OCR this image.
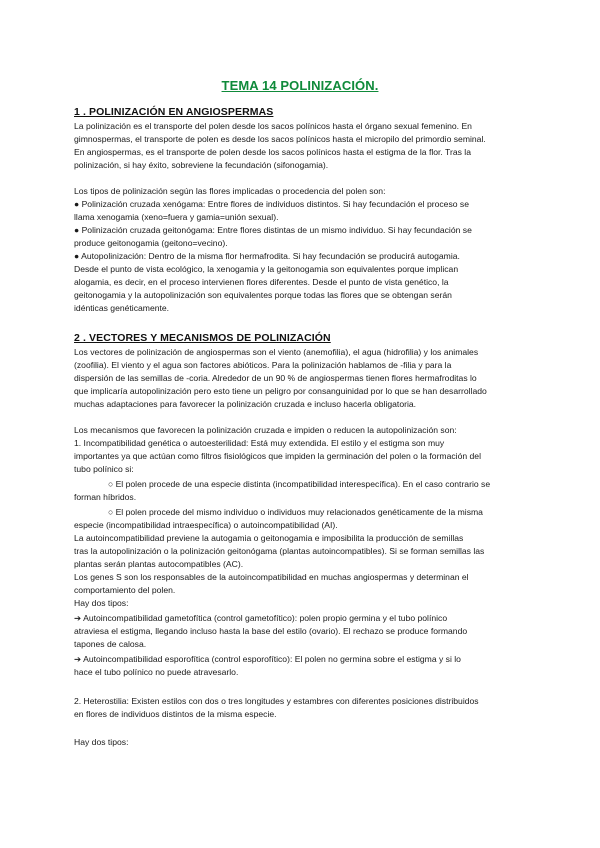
TEMA 14 POLINIZACIÓN.
1 . POLINIZACIÓN EN ANGIOSPERMAS
La polinización es el transporte del polen desde los sacos polínicos hasta el órgano sexual femenino. En
gimnospermas, el transporte de polen es desde los sacos polínicos hasta el micropilo del primordio seminal.
En angiospermas, es el transporte de polen desde los sacos polínicos hasta el estigma de la flor. Tras la
polinización, si hay éxito, sobreviene la fecundación (sifonogamia).
Los tipos de polinización según las flores implicadas o procedencia del polen son:
● Polinización cruzada xenógama: Entre flores de individuos distintos. Si hay fecundación el proceso se
llama xenogamia (xeno=fuera y gamia=unión sexual).
● Polinización cruzada geitonógama: Entre flores distintas de un mismo individuo. Si hay fecundación se
produce geitonogamia (geitono=vecino).
● Autopolinización: Dentro de la misma flor hermafrodita. Si hay fecundación se producirá autogamia.
Desde el punto de vista ecológico, la xenogamia y la geitonogamia son equivalentes porque implican
alogamia, es decir, en el proceso intervienen flores diferentes. Desde el punto de vista genético, la
geitonogamia y la autopolinización son equivalentes porque todas las flores que se obtengan serán
idénticas genéticamente.
2 . VECTORES Y MECANISMOS DE POLINIZACIÓN
Los vectores de polinización de angiospermas son el viento (anemofilia), el agua (hidrofilia) y los animales
(zoofilia). El viento y el agua son factores abióticos. Para la polinización hablamos de -filia y para la
dispersión de las semillas de -coria. Alrededor de un 90 % de angiospermas tienen flores hermafroditas lo
que implicaría autopolinización pero esto tiene un peligro por consanguinidad por lo que se han desarrollado
muchas adaptaciones para favorecer la polinización cruzada e incluso hacerla obligatoria.
Los mecanismos que favorecen la polinización cruzada e impiden o reducen la autopolinización son:
1. Incompatibilidad genética o autoesterilidad: Está muy extendida. El estilo y el estigma son muy
importantes ya que actúan como filtros fisiológicos que impiden la germinación del polen o la formación del
tubo polínico si:
○ El polen procede de una especie distinta (incompatibilidad interespecífica). En el caso contrario se
forman híbridos.
○ El polen procede del mismo individuo o individuos muy relacionados genéticamente de la misma
especie (incompatibilidad intraespecífica) o autoincompatibilidad (AI).
La autoincompatibilidad previene la autogamia o geitonogamia e imposibilita la producción de semillas
tras la autopolinización o la polinización geitonógama (plantas autoincompatibles). Si se forman semillas las
plantas serán plantas autocompatibles (AC).
Los genes S son los responsables de la autoincompatibilidad en muchas angiospermas y determinan el
comportamiento del polen.
Hay dos tipos:
➔ Autoincompatibilidad gametofítica (control gametofítico): polen propio germina y el tubo polínico
atraviesa el estigma, llegando incluso hasta la base del estilo (ovario). El rechazo se produce formando
tapones de calosa.
➔ Autoincompatibilidad esporofítica (control esporofítico): El polen no germina sobre el estigma y si lo
hace el tubo polínico no puede atravesarlo.
2. Heterostilia: Existen estilos con dos o tres longitudes y estambres con diferentes posiciones distribuidos
en flores de individuos distintos de la misma especie.
Hay dos tipos:
